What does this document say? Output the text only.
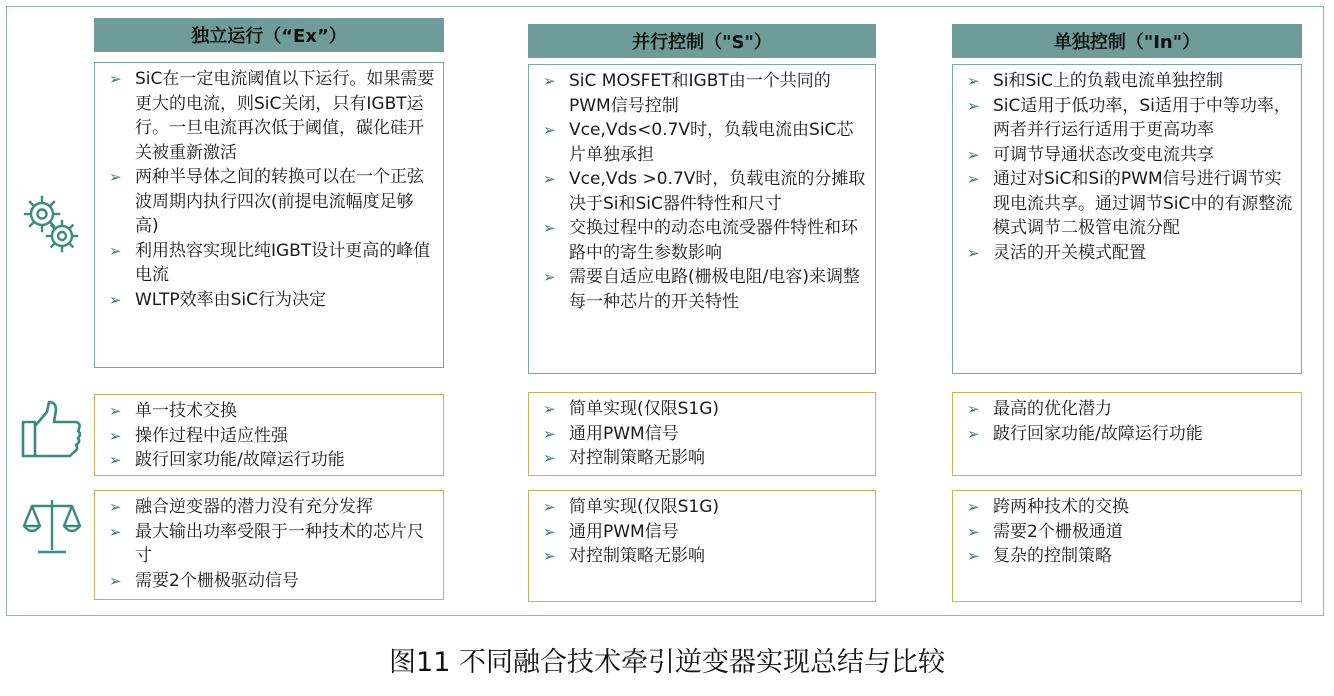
独立运行（“Ex”）
➢ SiC在一定电流阈值以下运行。如果需要更大的电流，则SiC关闭，只有IGBT运行。一旦电流再次低于阈值，碳化硅开关被重新激活
➢ 两种半导体之间的转换可以在一个正弦波周期内执行四次(前提电流幅度足够高)
➢ 利用热容实现比纯IGBT设计更高的峰值电流
➢ WLTP效率由SiC行为决定
➢ 单一技术交换
➢ 操作过程中适应性强
➢ 跛行回家功能/故障运行功能
➢ 融合逆变器的潜力没有充分发挥
➢ 最大输出功率受限于一种技术的芯片尺寸
➢ 需要2个栅极驱动信号
并行控制（"S"）
➢ SiC MOSFET和IGBT由一个共同的PWM信号控制
➢ Vce,Vds<0.7V时，负载电流由SiC芯片单独承担
➢ Vce,Vds >0.7V时，负载电流的分摊取决于Si和SiC器件特性和尺寸
➢ 交换过程中的动态电流受器件特性和环路中的寄生参数影响
➢ 需要自适应电路(栅极电阻/电容)来调整每一种芯片的开关特性
➢ 简单实现(仅限S1G)
➢ 通用PWM信号
➢ 对控制策略无影响
➢ 简单实现(仅限S1G)
➢ 通用PWM信号
➢ 对控制策略无影响
单独控制（"In"）
➢ Si和SiC上的负载电流单独控制
➢ SiC适用于低功率，Si适用于中等功率，两者并行运行适用于更高功率
➢ 可调节导通状态改变电流共享
➢ 通过对SiC和Si的PWM信号进行调节实现电流共享。通过调节SiC中的有源整流模式调节二极管电流分配
➢ 灵活的开关模式配置
➢ 最高的优化潜力
➢ 跛行回家功能/故障运行功能
➢ 跨两种技术的交换
➢ 需要2个栅极通道
➢ 复杂的控制策略
图11 不同融合技术牵引逆变器实现总结与比较
